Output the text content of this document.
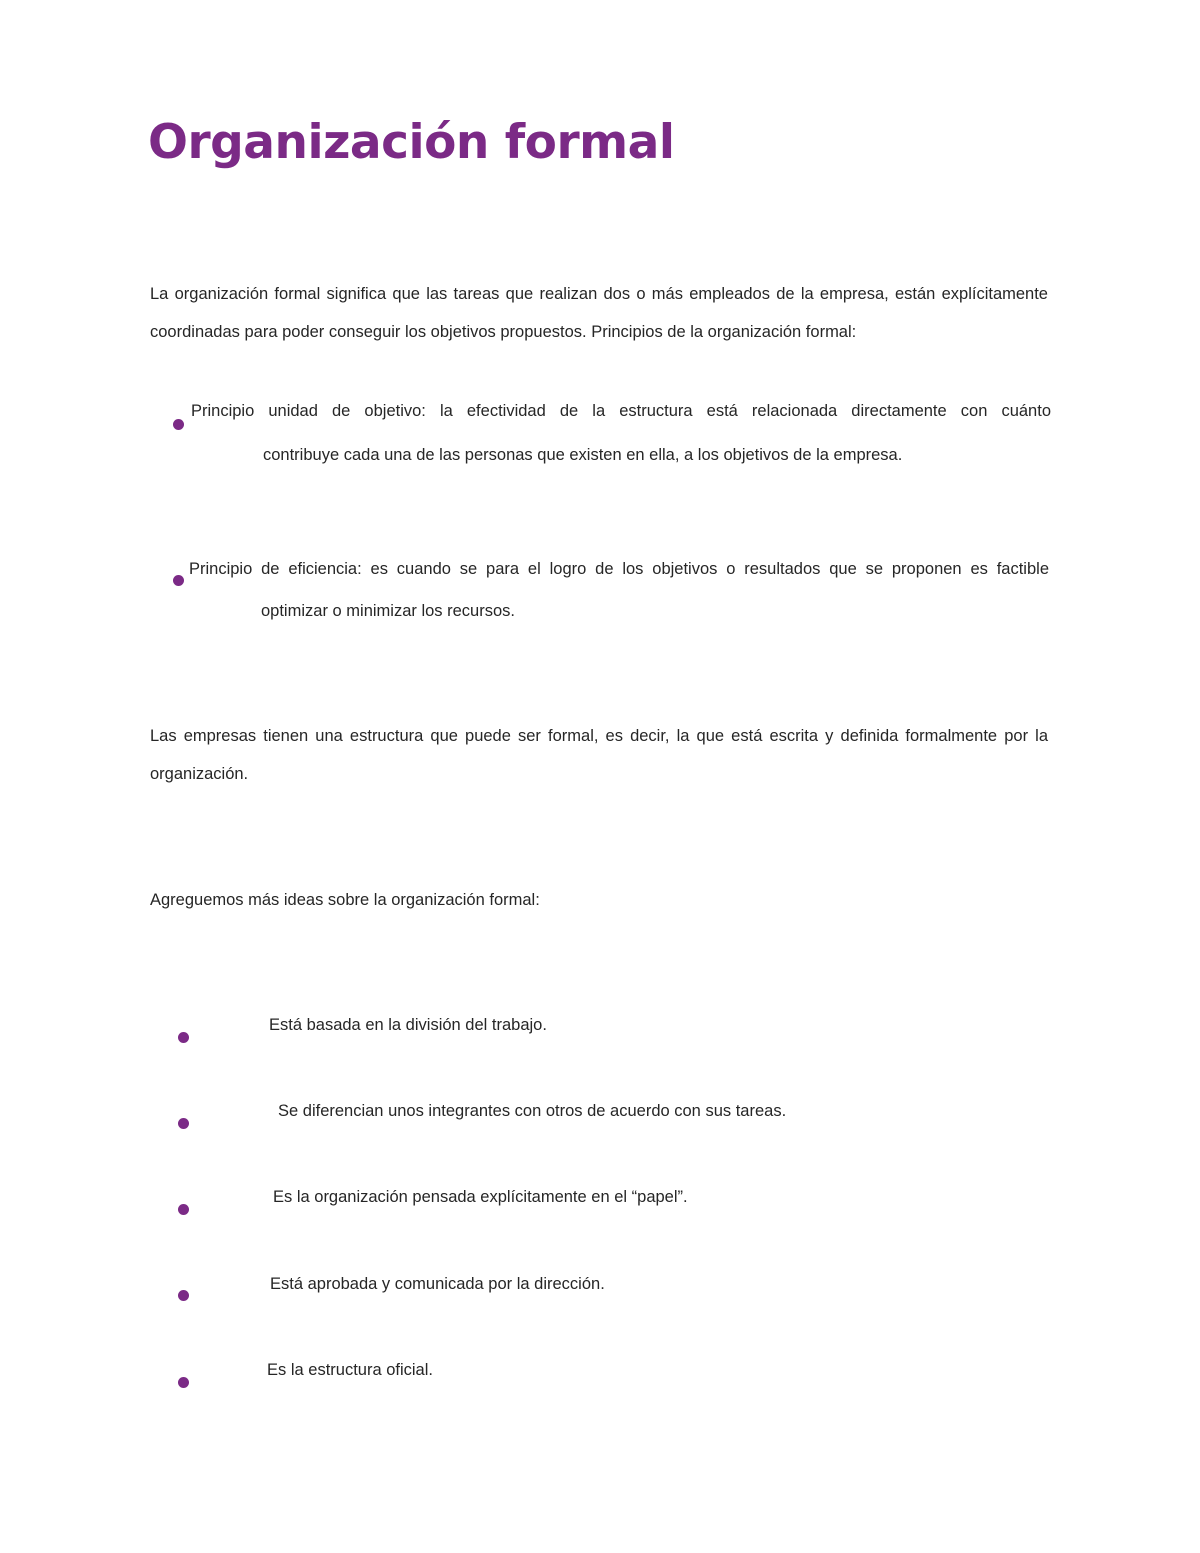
Organización formal

La organización formal significa que las tareas que realizan dos o más empleados de la empresa, están explícitamente coordinadas para poder conseguir los objetivos propuestos. Principios de la organización formal:

Principio unidad de objetivo: la efectividad de la estructura está relacionada directamente con cuánto
contribuye cada una de las personas que existen en ella, a los objetivos de la empresa.
Principio de eficiencia: es cuando se para el logro de los objetivos o resultados que se proponen es factible
optimizar o minimizar los recursos.

Las empresas tienen una estructura que puede ser formal, es decir, la que está escrita y definida formalmente por la organización.

Agreguemos más ideas sobre la organización formal:

Está basada en la división del trabajo.

Se diferencian unos integrantes con otros de acuerdo con sus tareas.

Es la organización pensada explícitamente en el “papel”.

Está aprobada y comunicada por la dirección.

Es la estructura oficial.
